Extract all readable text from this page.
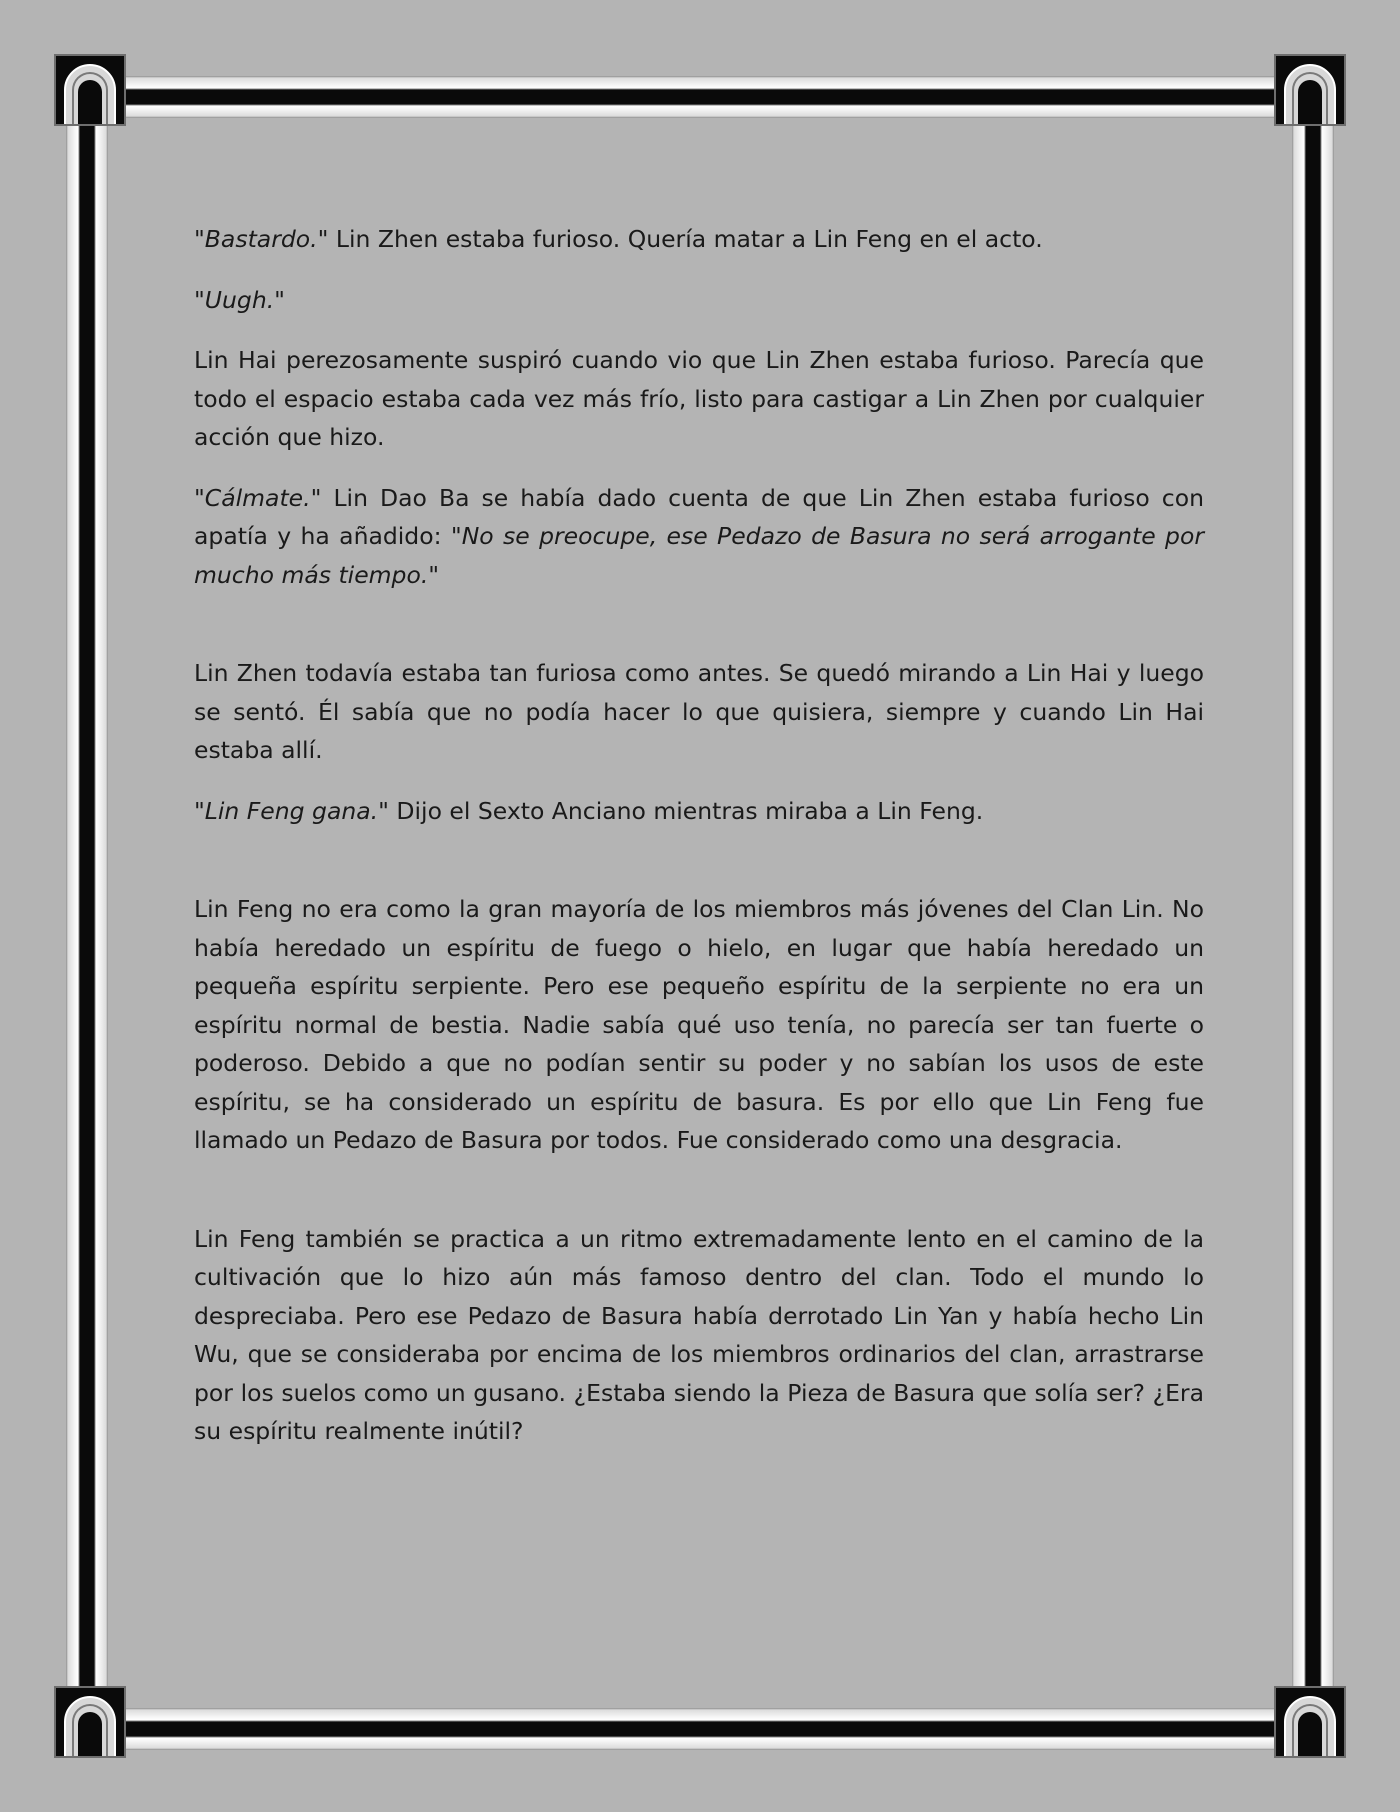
"Bastardo." Lin Zhen estaba furioso. Quería matar a Lin Feng en el acto.

"Uugh."

Lin Hai perezosamente suspiró cuando vio que Lin Zhen estaba furioso. Parecía que todo el espacio estaba cada vez más frío, listo para castigar a Lin Zhen por cualquier acción que hizo.

"Cálmate." Lin Dao Ba se había dado cuenta de que Lin Zhen estaba furioso con apatía y ha añadido: "No se preocupe, ese Pedazo de Basura no será arrogante por mucho más tiempo."

Lin Zhen todavía estaba tan furiosa como antes. Se quedó mirando a Lin Hai y luego se sentó. Él sabía que no podía hacer lo que quisiera, siempre y cuando Lin Hai estaba allí.

"Lin Feng gana." Dijo el Sexto Anciano mientras miraba a Lin Feng.

Lin Feng no era como la gran mayoría de los miembros más jóvenes del Clan Lin. No había heredado un espíritu de fuego o hielo, en lugar que había heredado un pequeña espíritu serpiente. Pero ese pequeño espíritu de la serpiente no era un espíritu normal de bestia. Nadie sabía qué uso tenía, no parecía ser tan fuerte o poderoso. Debido a que no podían sentir su poder y no sabían los usos de este espíritu, se ha considerado un espíritu de basura. Es por ello que Lin Feng fue llamado un Pedazo de Basura por todos. Fue considerado como una desgracia.

Lin Feng también se practica a un ritmo extremadamente lento en el camino de la cultivación que lo hizo aún más famoso dentro del clan. Todo el mundo lo despreciaba. Pero ese Pedazo de Basura había derrotado Lin Yan y había hecho Lin Wu, que se consideraba por encima de los miembros ordinarios del clan, arrastrarse por los suelos como un gusano. ¿Estaba siendo la Pieza de Basura que solía ser? ¿Era su espíritu realmente inútil?
